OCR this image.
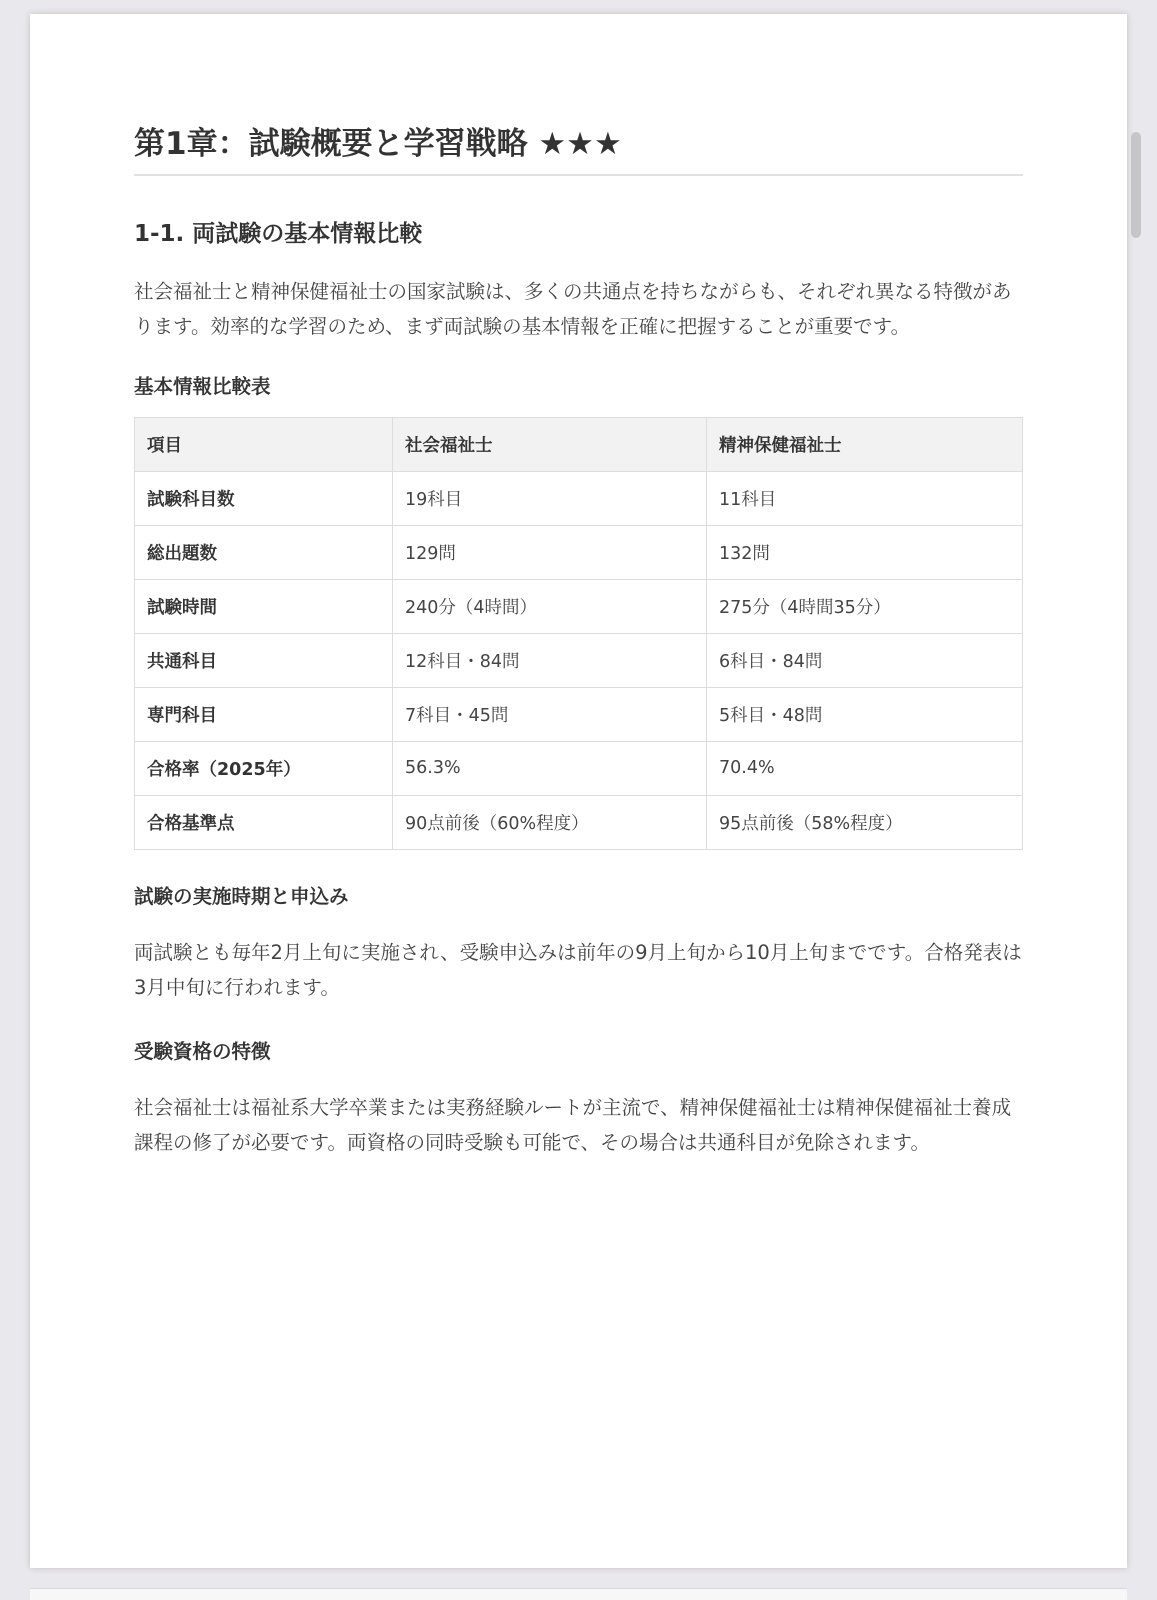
第1章：試験概要と学習戦略 ★★★
1-1. 両試験の基本情報比較

社会福祉士と精神保健福祉士の国家試験は、多くの共通点を持ちながらも、それぞれ異なる特徴があります。効率的な学習のため、まず両試験の基本情報を正確に把握することが重要です。

基本情報比較表
項目	社会福祉士	精神保健福祉士
試験科目数	19科目	11科目
総出題数	129問	132問
試験時間	240分（4時間）	275分（4時間35分）
共通科目	12科目・84問	6科目・84問
専門科目	7科目・45問	5科目・48問
合格率（2025年）	56.3%	70.4%
合格基準点	90点前後（60%程度）	95点前後（58%程度）
試験の実施時期と申込み

両試験とも毎年2月上旬に実施され、受験申込みは前年の9月上旬から10月上旬までです。合格発表は3月中旬に行われます。

受験資格の特徴

社会福祉士は福祉系大学卒業または実務経験ルートが主流で、精神保健福祉士は精神保健福祉士養成課程の修了が必要です。両資格の同時受験も可能で、その場合は共通科目が免除されます。
